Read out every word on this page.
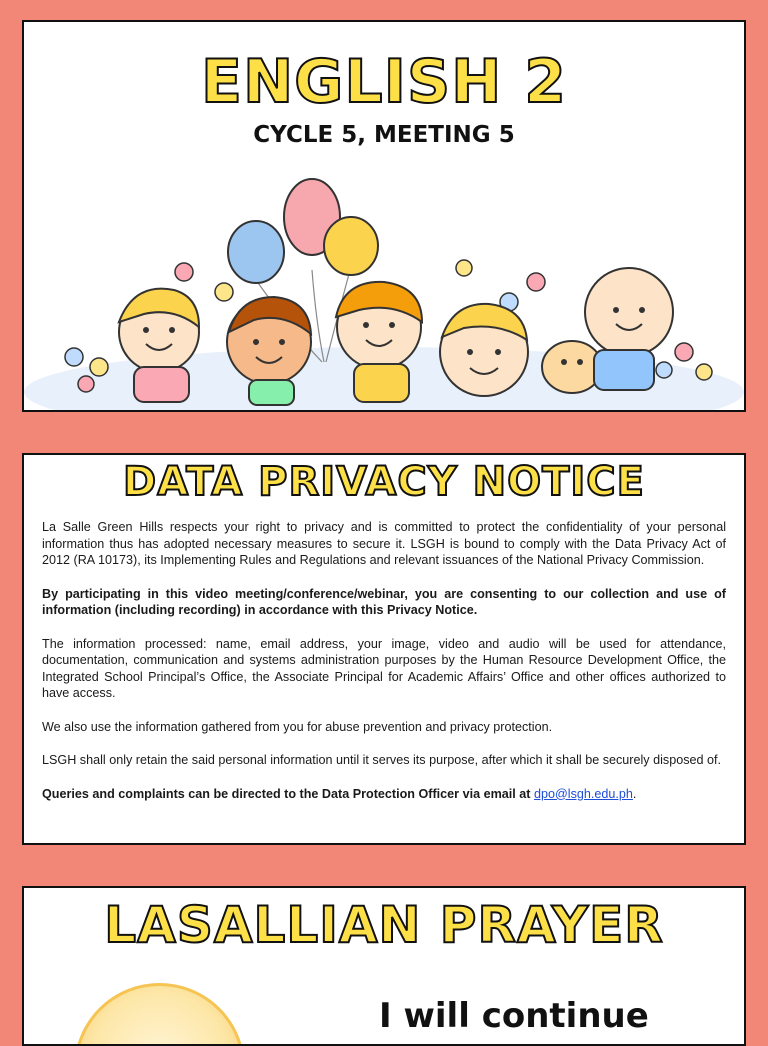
ENGLISH 2
CYCLE 5, MEETING 5
DATA PRIVACY NOTICE

La Salle Green Hills respects your right to privacy and is committed to protect the confidentiality of your personal information thus has adopted necessary measures to secure it. LSGH is bound to comply with the Data Privacy Act of 2012 (RA 10173), its Implementing Rules and Regulations and relevant issuances of the National Privacy Commission.

By participating in this video meeting/conference/webinar, you are consenting to our collection and use of information (including recording) in accordance with this Privacy Notice.

The information processed: name, email address, your image, video and audio will be used for attendance, documentation, communication and systems administration purposes by the Human Resource Development Office, the Integrated School Principal’s Office, the Associate Principal for Academic Affairs’ Office and other offices authorized to have access.

We also use the information gathered from you for abuse prevention and privacy protection.

LSGH shall only retain the said personal information until it serves its purpose, after which it shall be securely disposed of.

Queries and complaints can be directed to the Data Protection Officer via email at dpo@lsgh.edu.ph.

LASALLIAN PRAYER
I will continue
